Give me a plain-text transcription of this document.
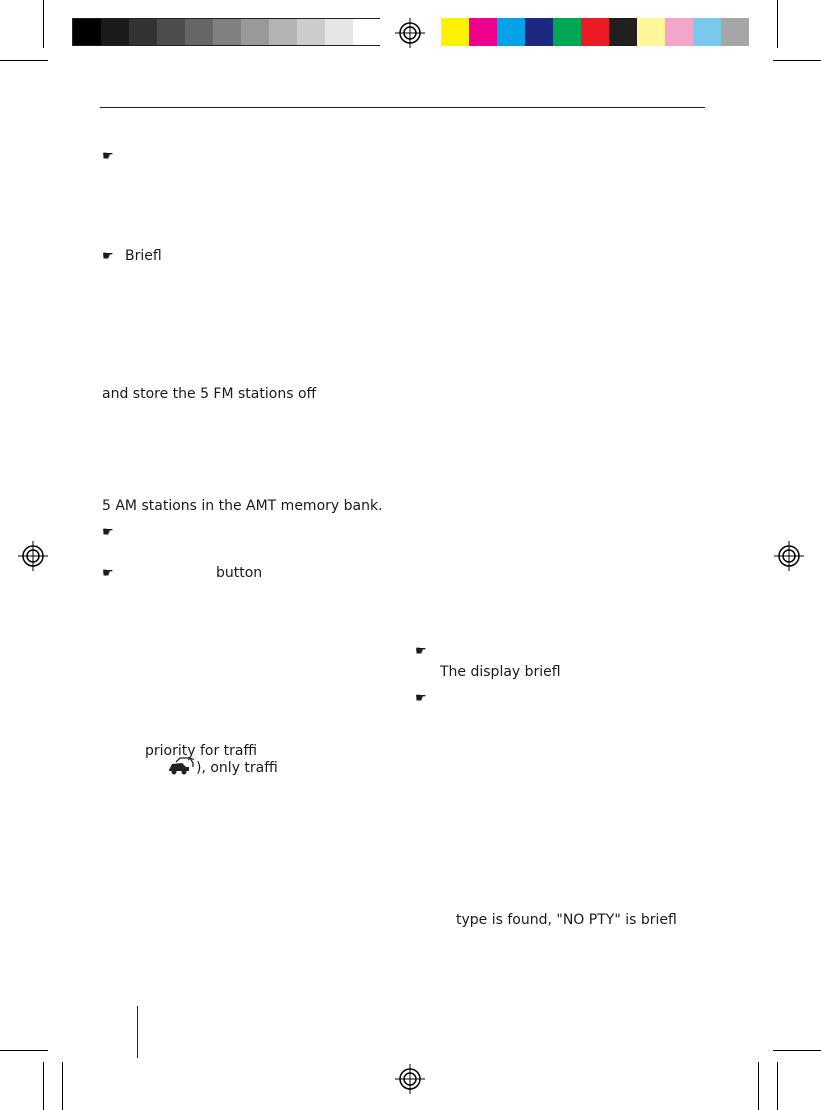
☛
☛
☛
☛
Briefl
and store the 5 FM stations off
5 AM stations in the AMT memory bank.
button
priority for traffi
), only traffi
☛
The display briefl
☛
type is found, "NO PTY" is briefl
